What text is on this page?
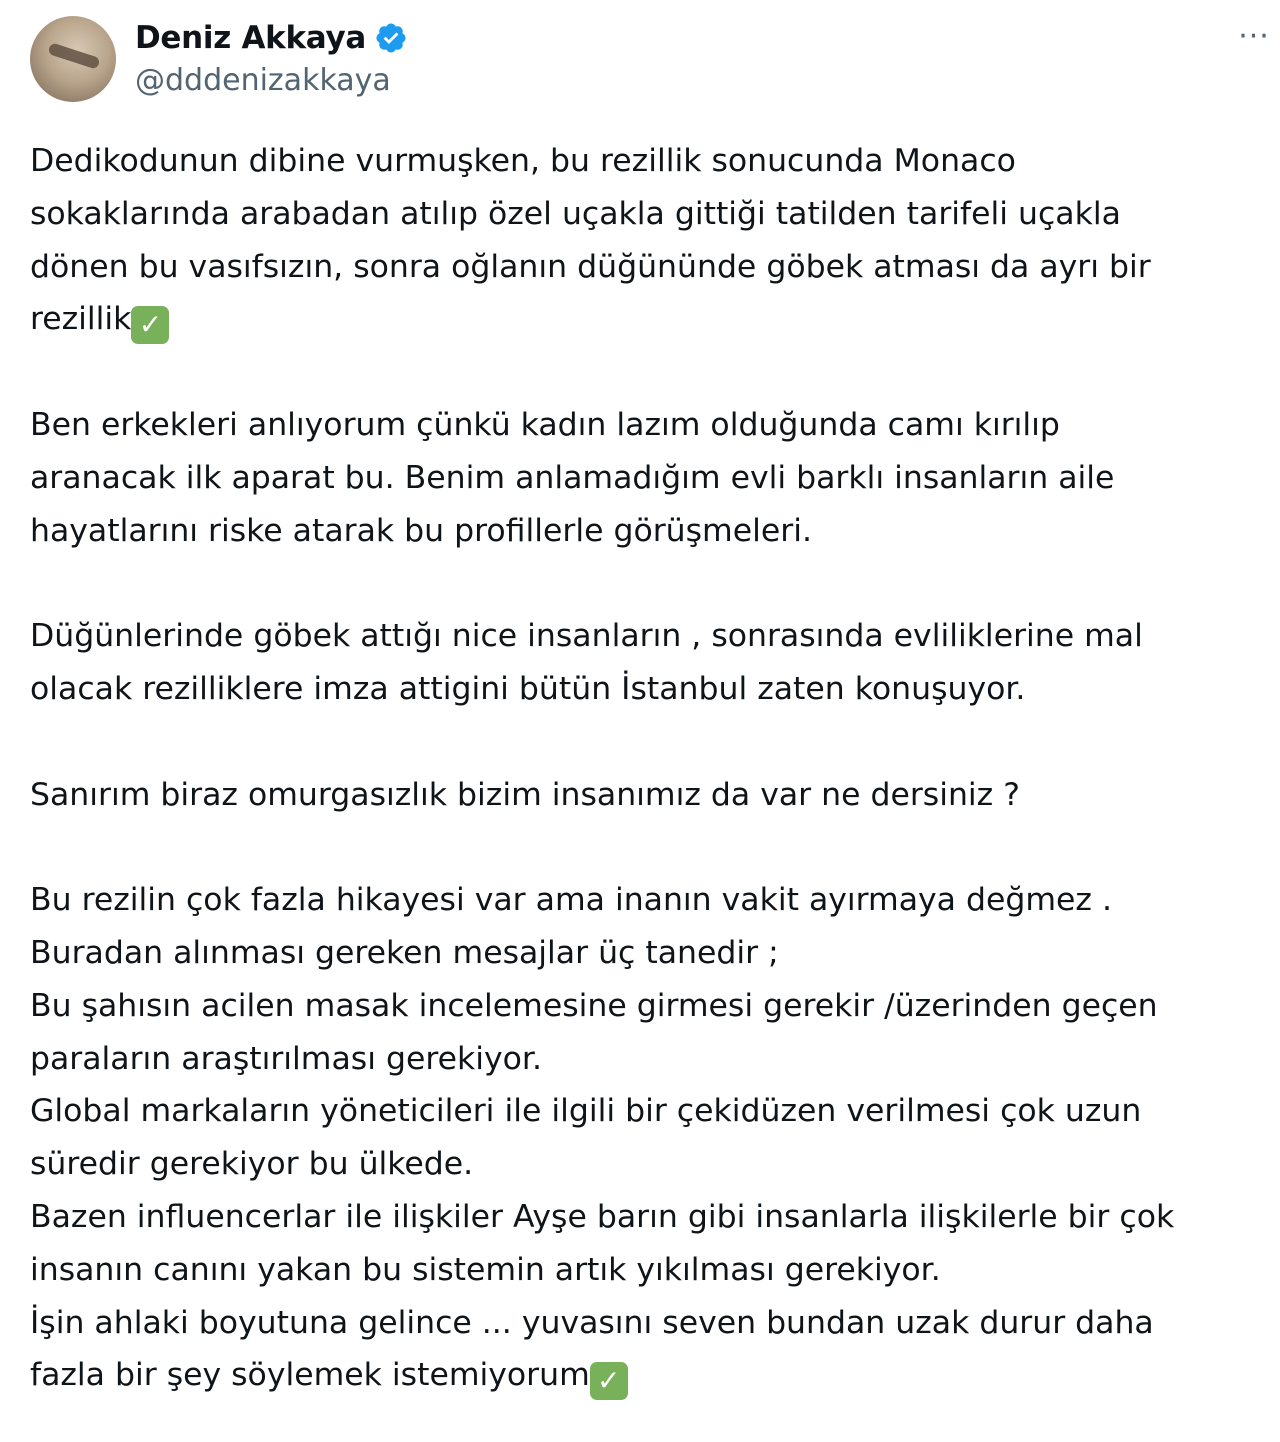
Deniz Akkaya
@dddenizakkaya
···
Dedikodunun dibine vurmuşken, bu rezillik sonucunda Monaco
sokaklarında arabadan atılıp özel uçakla gittiği tatilden tarifeli uçakla
dönen bu vasıfsızın, sonra oğlanın düğününde göbek atması da ayrı bir
rezillik ✓
Ben erkekleri anlıyorum çünkü kadın lazım olduğunda camı kırılıp
aranacak ilk aparat bu. Benim anlamadığım evli barklı insanların aile
hayatlarını riske atarak bu profillerle görüşmeleri.
Düğünlerinde göbek attığı nice insanların , sonrasında evliliklerine mal
olacak rezilliklere imza attigini bütün İstanbul zaten konuşuyor.
Sanırım biraz omurgasızlık bizim insanımız da var ne dersiniz ?
Bu rezilin çok fazla hikayesi var ama inanın vakit ayırmaya değmez .
Buradan alınması gereken mesajlar üç tanedir ;
Bu şahısın acilen masak incelemesine girmesi gerekir /üzerinden geçen
paraların araştırılması gerekiyor.
Global markaların yöneticileri ile ilgili bir çekidüzen verilmesi çok uzun
süredir gerekiyor bu ülkede.
Bazen influencerlar ile ilişkiler Ayşe barın gibi insanlarla ilişkilerle bir çok
insanın canını yakan bu sistemin artık yıkılması gerekiyor.
İşin ahlaki boyutuna gelince ... yuvasını seven bundan uzak durur daha
fazla bir şey söylemek istemiyorum ✓
